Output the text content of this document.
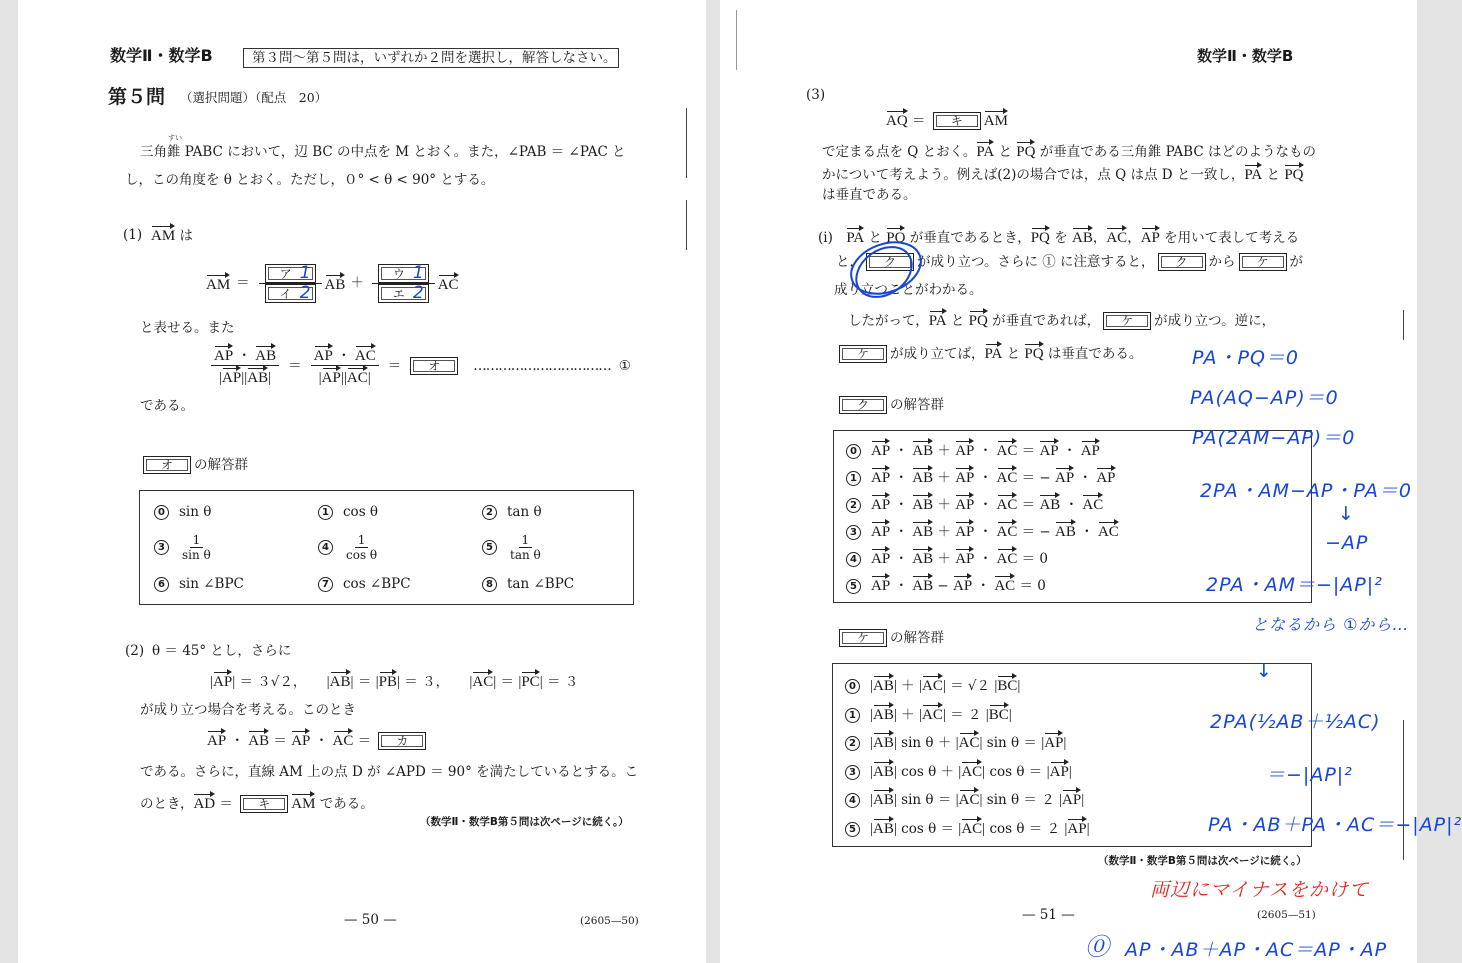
数学Ⅱ・数学B	第３問～第５問は，いずれか２問を選択し，解答しなさい。
第５問 （選択問題）（配点　20）
すい
三角錐 PABC において，辺 BC の中点を M とおく。また，∠PAB ＝ ∠PAC と
し，この角度を θ とおく。ただし，０° < θ < 90° とする。
(1) AM は
AM ＝ $\frac{\text{ア 1}}{\text{イ 2}}$ AB ＋ $\frac{\text{ウ 1}}{\text{エ 2}}$ AC
と表せる。また
$\frac{AP ・ AB}{|AP||AB|} = \frac{AP ・ AC}{|AP||AC|}$ ＝	オ	…………………………… ①
である。
オ の解答群
0 sin θ	1 cos θ	2 tan θ
3	$\frac{1}{\text{sin θ}}$	4	$\frac{1}{\text{cos θ}}$	5	$\frac{1}{\text{tan θ}}$
6 sin ∠BPC	7 cos ∠BPC	8 tan ∠BPC
(2) θ ＝ 45° とし，さらに
|AP| ＝ ３√２，　　|AB| ＝ |PB| ＝ ３，　　|AC| ＝ |PC| ＝ ３
が成り立つ場合を考える。このとき
AP ・ AB ＝ AP ・ AC ＝ カ
である。さらに，直線 AM 上の点 D が ∠APD ＝ 90° を満たしているとする。こ
のとき，AD ＝ キ AM である。
（数学Ⅱ・数学B第５問は次ページに続く。）
— 50 —	(2605—50)
数学Ⅱ・数学B
(3)
AQ ＝ キ AM
で定まる点を Q とおく。PA と PQ が垂直である三角錐 PABC はどのようなもの
かについて考えよう。例えば(2)の場合では，点 Q は点 D と一致し，PA と PQ
は垂直である。
(i)　PA と PQ が垂直であるとき，PQ を AB，AC，AP を用いて表して考える
と， ク が成り立つ。さらに ① に注意すると， ク から ケ が
成り立つことがわかる。
したがって，PA と PQ が垂直であれば， ケ が成り立つ。逆に，
ケ が成り立てば，PA と PQ は垂直である。
ク の解答群
0 AP ・ AB ＋ AP ・ AC ＝ AP ・ AP
1 AP ・ AB ＋ AP ・ AC ＝ − AP ・ AP
2 AP ・ AB ＋ AP ・ AC ＝ AB ・ AC
3 AP ・ AB ＋ AP ・ AC ＝ − AB ・ AC
4 AP ・ AB ＋ AP ・ AC ＝ 0
5 AP ・ AB − AP ・ AC ＝ 0
ケ の解答群
0 |AB| ＋ |AC| ＝ √２ |BC|
1 |AB| ＋ |AC| ＝ ２ |BC|
2 |AB| sin θ ＋ |AC| sin θ ＝ |AP|
3 |AB| cos θ ＋ |AC| cos θ ＝ |AP|
4 |AB| sin θ ＝ |AC| sin θ ＝ ２ |AP|
5 |AB| cos θ ＝ |AC| cos θ ＝ ２ |AP|
（数学Ⅱ・数学B第５問は次ページに続く。）
— 51 —	(2605—51)
PA・PQ＝0
PA(AQ−AP)＝0
PA(2AM−AP)＝0
2PA・AM−AP・PA＝0
↓
−AP
2PA・AM＝−|AP|²
となるから ①から…
↓
2PA(½AB＋½AC)
＝−|AP|²
PA・AB＋PA・AC＝−|AP|²
両辺にマイナスをかけて
⓪ AP・AB＋AP・AC＝AP・AP
